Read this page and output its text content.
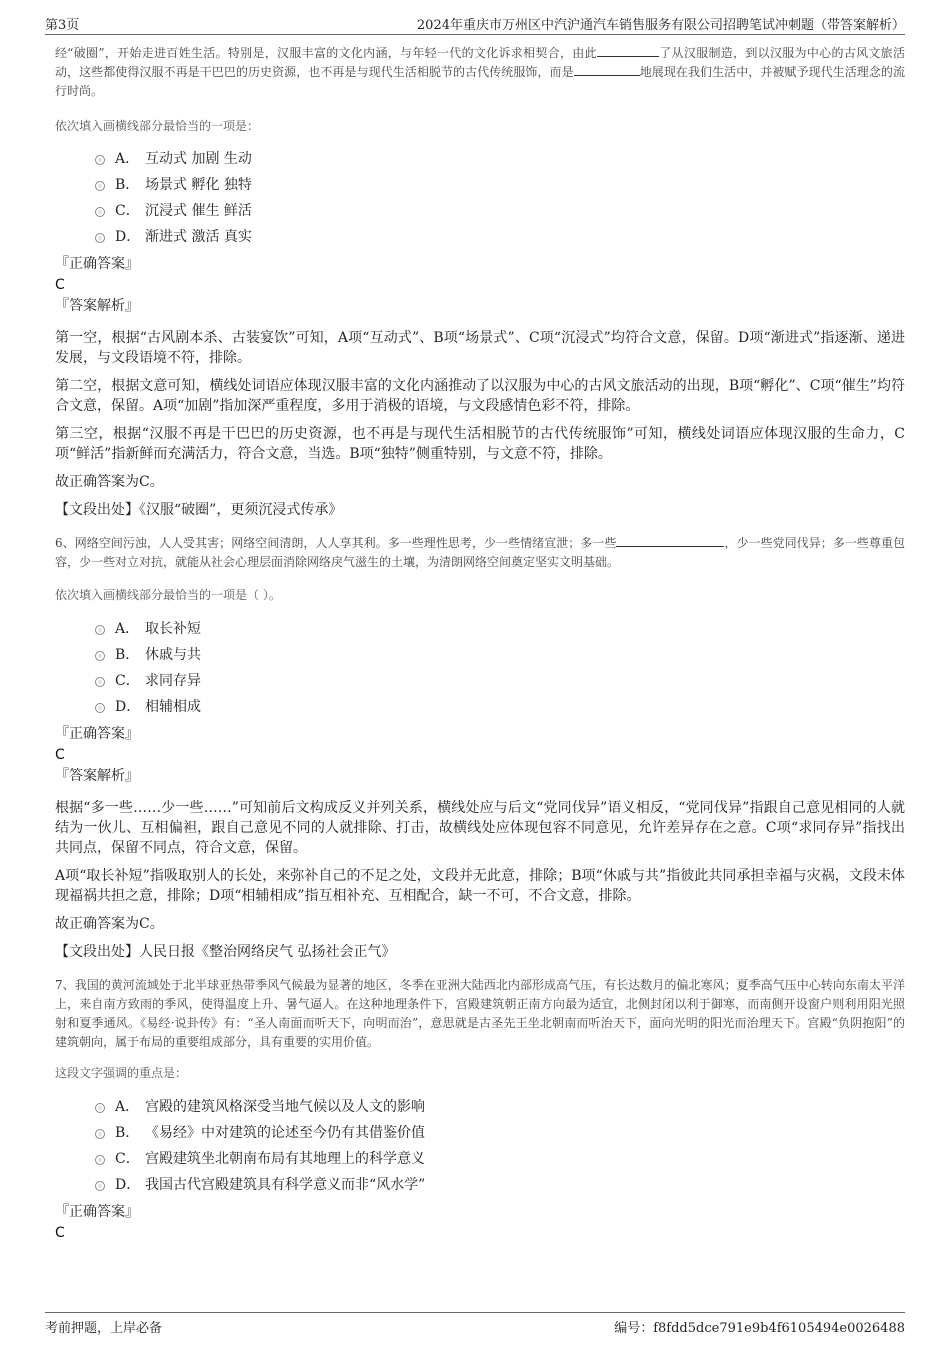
第3页	2024年重庆市万州区中汽沪通汽车销售服务有限公司招聘笔试冲刺题（带答案解析）

经“破圈”，开始走进百姓生活。特别是，汉服丰富的文化内涵，与年轻一代的文化诉求相契合，由此	了从汉服制造，到以汉服为中心的古风文旅活动，这些都使得汉服不再是干巴巴的历史资源，也不再是与现代生活相脱节的古代传统服饰，而是	地展现在我们生活中，并被赋予现代生活理念的流行时尚。

依次填入画横线部分最恰当的一项是：

A． 互动式 加剧 生动
B． 场景式 孵化 独特
C． 沉浸式 催生 鲜活
D． 渐进式 激活 真实

『正确答案』

C

『答案解析』

第一空，根据“古风剧本杀、古装宴饮”可知，A项“互动式”、B项“场景式”、C项“沉浸式”均符合文意，保留。D项“渐进式”指逐渐、递进发展，与文段语境不符，排除。

第二空，根据文意可知，横线处词语应体现汉服丰富的文化内涵推动了以汉服为中心的古风文旅活动的出现，B项“孵化”、C项“催生”均符合文意，保留。A项“加剧”指加深严重程度，多用于消极的语境，与文段感情色彩不符，排除。

第三空，根据“汉服不再是干巴巴的历史资源，也不再是与现代生活相脱节的古代传统服饰”可知，横线处词语应体现汉服的生命力，C项“鲜活”指新鲜而充满活力，符合文意，当选。B项“独特”侧重特别，与文意不符，排除。

故正确答案为C。

【文段出处】《汉服“破圈”，更须沉浸式传承》

6、网络空间污浊，人人受其害；网络空间清朗，人人享其利。多一些理性思考，少一些情绪宣泄；多一些	，少一些党同伐异；多一些尊重包容，少一些对立对抗，就能从社会心理层面消除网络戾气滋生的土壤，为清朗网络空间奠定坚实文明基础。

依次填入画横线部分最恰当的一项是（ ）。

A． 取长补短
B． 休戚与共
C． 求同存异
D． 相辅相成

『正确答案』

C

『答案解析』

根据“多一些……少一些……”可知前后文构成反义并列关系，横线处应与后文“党同伐异”语义相反，“党同伐异”指跟自己意见相同的人就结为一伙儿、互相偏袒，跟自己意见不同的人就排除、打击，故横线处应体现包容不同意见，允许差异存在之意。C项“求同存异”指找出共同点，保留不同点，符合文意，保留。

A项“取长补短”指吸取别人的长处，来弥补自己的不足之处，文段并无此意，排除；B项“休戚与共”指彼此共同承担幸福与灾祸，文段未体现福祸共担之意，排除；D项“相辅相成”指互相补充、互相配合，缺一不可，不合文意，排除。

故正确答案为C。

【文段出处】人民日报《整治网络戾气 弘扬社会正气》

7、我国的黄河流域处于北半球亚热带季风气候最为显著的地区，冬季在亚洲大陆西北内部形成高气压，有长达数月的偏北寒风；夏季高气压中心转向东南太平洋上，来自南方致雨的季风，使得温度上升、暑气逼人。在这种地理条件下，宫殿建筑朝正南方向最为适宜，北侧封闭以利于御寒，而南侧开设窗户则利用阳光照射和夏季通风。《易经·说卦传》有：“圣人南面而听天下，向明而治”，意思就是古圣先王坐北朝南而听治天下，面向光明的阳光而治理天下。宫殿“负阴抱阳”的建筑朝向，属于布局的重要组成部分，具有重要的实用价值。

这段文字强调的重点是：

A． 宫殿的建筑风格深受当地气候以及人文的影响
B． 《易经》中对建筑的论述至今仍有其借鉴价值
C． 宫殿建筑坐北朝南布局有其地理上的科学意义
D． 我国古代宫殿建筑具有科学意义而非“风水学”

『正确答案』

C

考前押题，上岸必备	编号：f8fdd5dce791e9b4f6105494e0026488
